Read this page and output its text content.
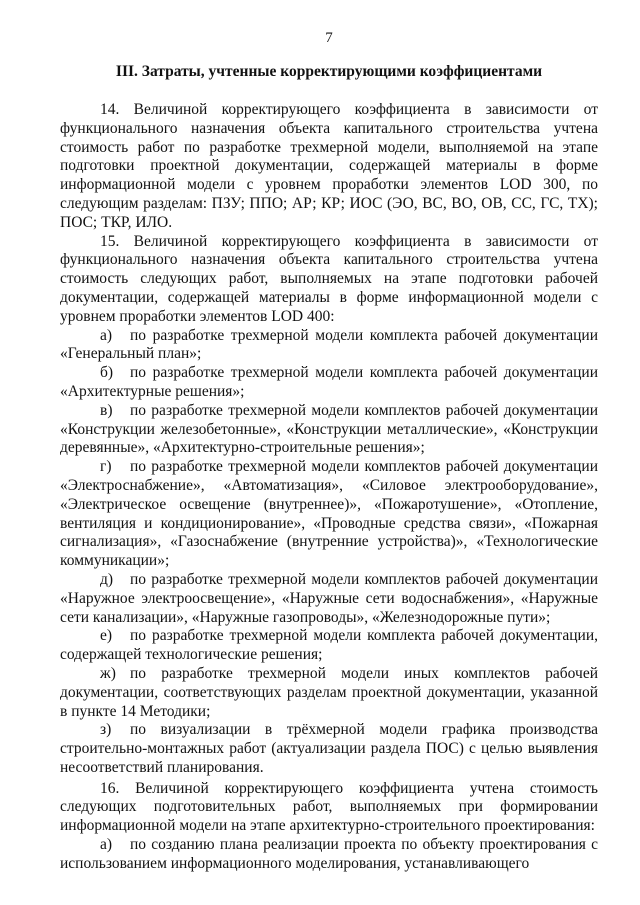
7
III. Затраты, учтенные корректирующими коэффициентами

14. Величиной корректирующего коэффициента в зависимости от функционального назначения объекта капитального строительства учтена стоимость работ по разработке трехмерной модели, выполняемой на этапе подготовки проектной документации, содержащей материалы в форме информационной модели с уровнем проработки элементов LOD 300, по следующим разделам: ПЗУ; ППО; АР; КР; ИОС (ЭО, ВС, ВО, ОВ, СС, ГС, ТХ); ПОС; ТКР, ИЛО.

15. Величиной корректирующего коэффициента в зависимости от функционального назначения объекта капитального строительства учтена стоимость следующих работ, выполняемых на этапе подготовки рабочей документации, содержащей материалы в форме информационной модели с уровнем проработки элементов LOD 400:

а) по разработке трехмерной модели комплекта рабочей документации «Генеральный план»;

б) по разработке трехмерной модели комплекта рабочей документации «Архитектурные решения»;

в) по разработке трехмерной модели комплектов рабочей документации «Конструкции железобетонные», «Конструкции металлические», «Конструкции деревянные», «Архитектурно-строительные решения»;

г) по разработке трехмерной модели комплектов рабочей документации «Электроснабжение», «Автоматизация», «Силовое электрооборудование», «Электрическое освещение (внутреннее)», «Пожаротушение», «Отопление, вентиляция и кондиционирование», «Проводные средства связи», «Пожарная сигнализация», «Газоснабжение (внутренние устройства)», «Технологические коммуникации»;

д) по разработке трехмерной модели комплектов рабочей документации «Наружное электроосвещение», «Наружные сети водоснабжения», «Наружные сети канализации», «Наружные газопроводы», «Железнодорожные пути»;

е) по разработке трехмерной модели комплекта рабочей документации, содержащей технологические решения;

ж) по разработке трехмерной модели иных комплектов рабочей документации, соответствующих разделам проектной документации, указанной в пункте 14 Методики;

з) по визуализации в трёхмерной модели графика производства строительно-монтажных работ (актуализации раздела ПОС) с целью выявления несоответствий планирования.

16. Величиной корректирующего коэффициента учтена стоимость следующих подготовительных работ, выполняемых при формировании информационной модели на этапе архитектурно-строительного проектирования:

а) по созданию плана реализации проекта по объекту проектирования с использованием информационного моделирования, устанавливающего
